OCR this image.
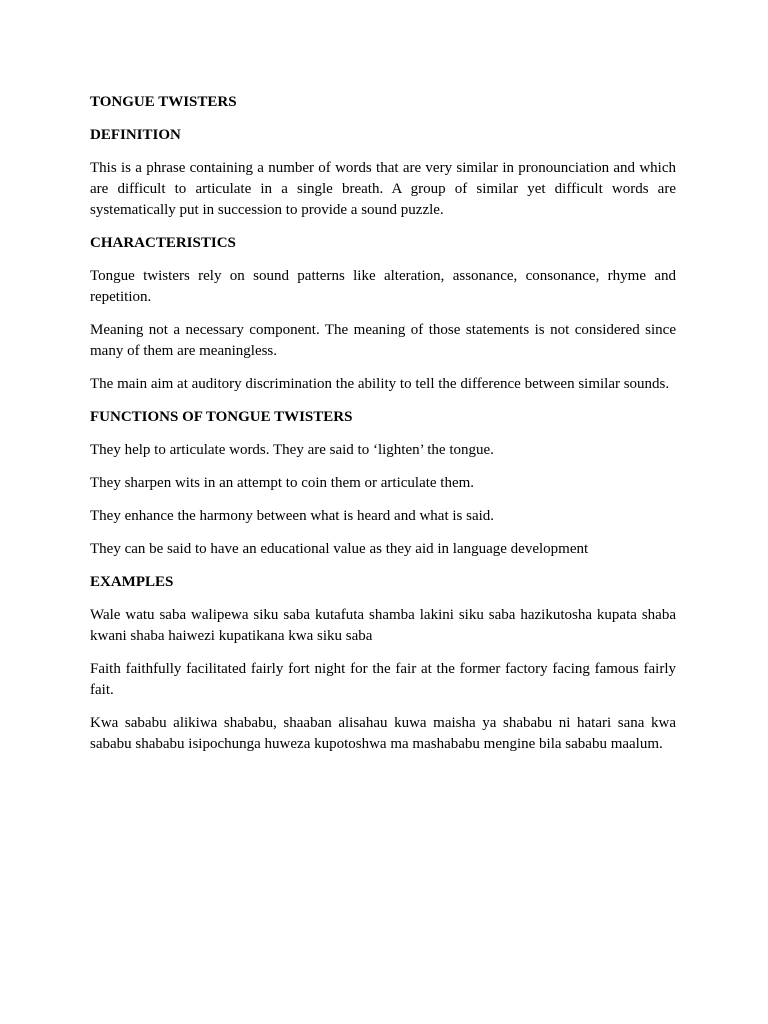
TONGUE TWISTERS
DEFINITION

This is a phrase containing a number of words that are very similar in pronounciation and which are difficult to articulate in a single breath. A group of similar yet difficult words are systematically put in succession to provide a sound puzzle.

CHARACTERISTICS

Tongue twisters rely on sound patterns like alteration, assonance, consonance, rhyme and repetition.

Meaning not a necessary component. The meaning of those statements is not considered since many of them are meaningless.

The main aim at auditory discrimination the ability to tell the difference between similar sounds.

FUNCTIONS OF TONGUE TWISTERS

They help to articulate words. They are said to ‘lighten’ the tongue.

They sharpen wits in an attempt to coin them or articulate them.

They enhance the harmony between what is heard and what is said.

They can be said to have an educational value as they aid in language development

EXAMPLES

Wale watu saba walipewa siku saba kutafuta shamba lakini siku saba hazikutosha kupata shaba kwani shaba haiwezi kupatikana kwa siku saba

Faith faithfully facilitated fairly fort night for the fair at the former factory facing famous fairly fait.

Kwa sababu alikiwa shababu, shaaban alisahau kuwa maisha ya shababu ni hatari sana kwa sababu shababu isipochunga huweza kupotoshwa ma mashababu mengine bila sababu maalum.
